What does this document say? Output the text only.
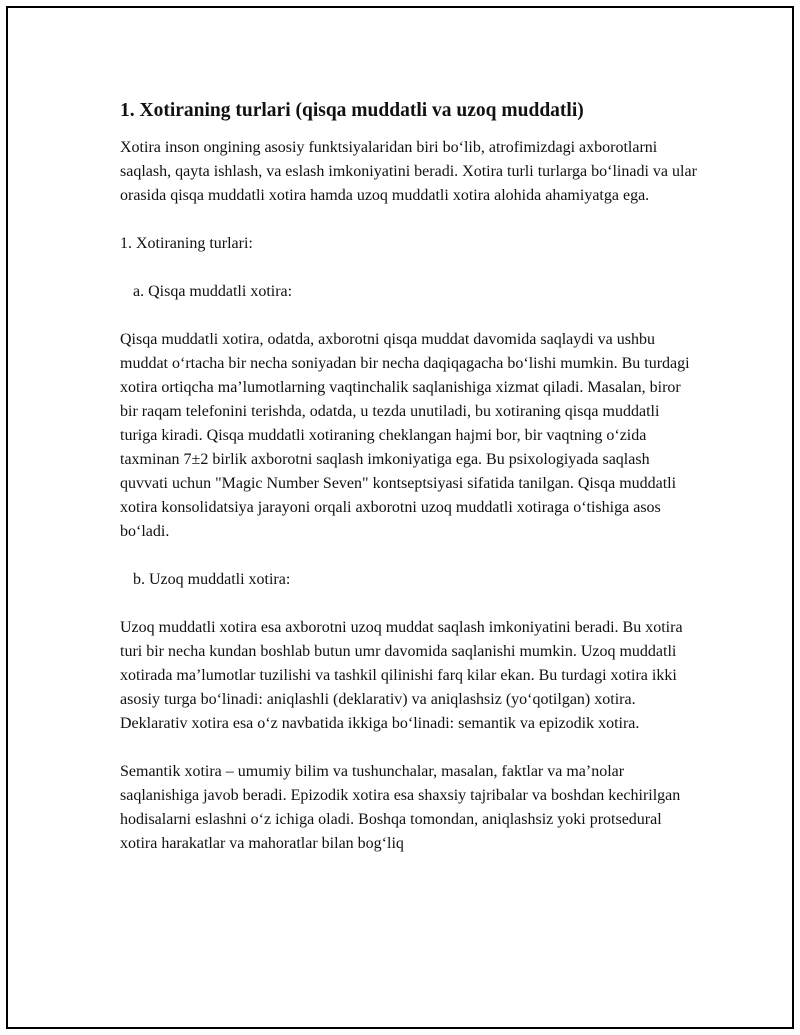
1. Xotiraning turlari (qisqa muddatli va uzoq muddatli)

Xotira inson ongining asosiy funktsiyalaridan biri bo‘lib, atrofimizdagi axborotlarni saqlash, qayta ishlash, va eslash imkoniyatini beradi. Xotira turli turlarga bo‘linadi va ular orasida qisqa muddatli xotira hamda uzoq muddatli xotira alohida ahamiyatga ega.

1. Xotiraning turlari:

a. Qisqa muddatli xotira:

Qisqa muddatli xotira, odatda, axborotni qisqa muddat davomida saqlaydi va ushbu muddat o‘rtacha bir necha soniyadan bir necha daqiqagacha bo‘lishi mumkin. Bu turdagi xotira ortiqcha ma’lumotlarning vaqtinchalik saqlanishiga xizmat qiladi. Masalan, biror bir raqam telefonini terishda, odatda, u tezda unutiladi, bu xotiraning qisqa muddatli turiga kiradi. Qisqa muddatli xotiraning cheklangan hajmi bor, bir vaqtning o‘zida taxminan 7±2 birlik axborotni saqlash imkoniyatiga ega. Bu psixologiyada saqlash quvvati uchun "Magic Number Seven" kontseptsiyasi sifatida tanilgan. Qisqa muddatli xotira konsolidatsiya jarayoni orqali axborotni uzoq muddatli xotiraga o‘tishiga asos bo‘ladi.

b. Uzoq muddatli xotira:

Uzoq muddatli xotira esa axborotni uzoq muddat saqlash imkoniyatini beradi. Bu xotira turi bir necha kundan boshlab butun umr davomida saqlanishi mumkin. Uzoq muddatli xotirada ma’lumotlar tuzilishi va tashkil qilinishi farq kilar ekan. Bu turdagi xotira ikki asosiy turga bo‘linadi: aniqlashli (deklarativ) va aniqlashsiz (yo‘qotilgan) xotira. Deklarativ xotira esa o‘z navbatida ikkiga bo‘linadi: semantik va epizodik xotira.

Semantik xotira – umumiy bilim va tushunchalar, masalan, faktlar va ma’nolar saqlanishiga javob beradi. Epizodik xotira esa shaxsiy tajribalar va boshdan kechirilgan hodisalarni eslashni o‘z ichiga oladi. Boshqa tomondan, aniqlashsiz yoki protsedural xotira harakatlar va mahoratlar bilan bog‘liq
